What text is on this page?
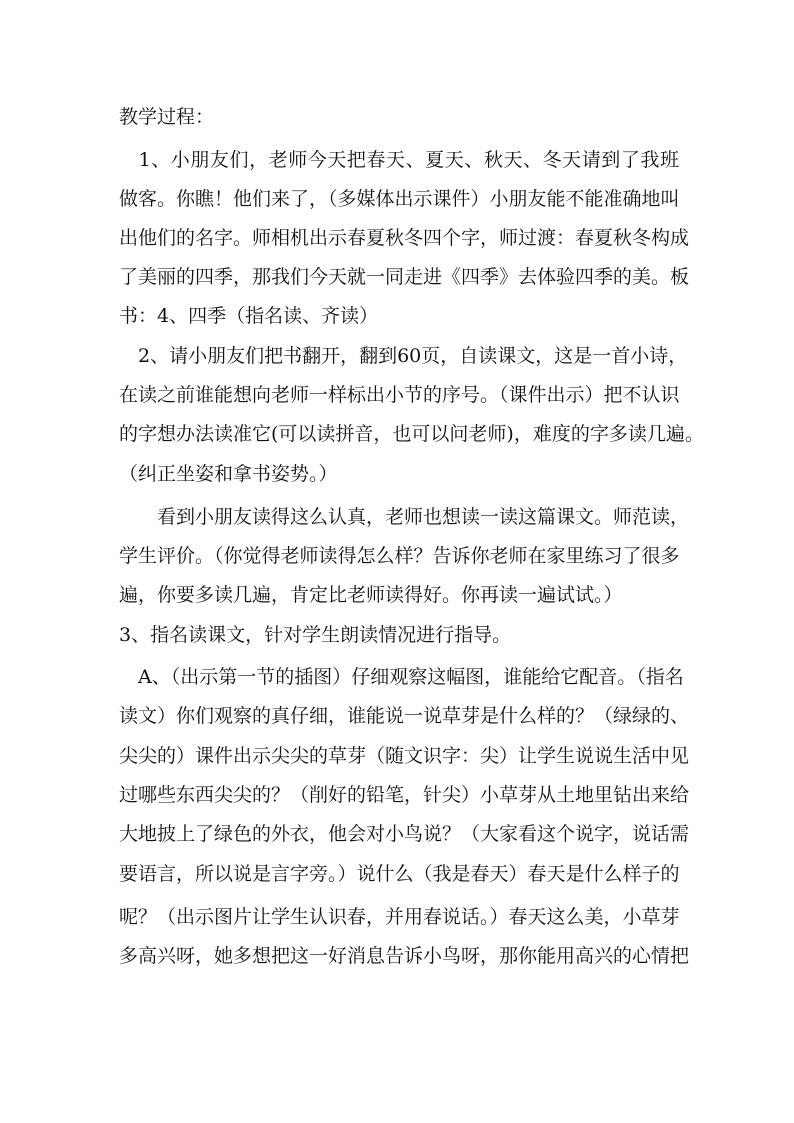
教学过程：
　1、小朋友们，老师今天把春天、夏天、秋天、冬天请到了我班
做客。你瞧！他们来了，（多媒体出示课件）小朋友能不能准确地叫
出他们的名字。师相机出示春夏秋冬四个字，师过渡：春夏秋冬构成
了美丽的四季，那我们今天就一同走进《四季》去体验四季的美。板
书：4、四季（指名读、齐读）
　2、请小朋友们把书翻开，翻到60页，自读课文，这是一首小诗，
在读之前谁能想向老师一样标出小节的序号。（课件出示）把不认识
的字想办法读准它(可以读拼音，也可以问老师)，难度的字多读几遍。
（纠正坐姿和拿书姿势。）
　　看到小朋友读得这么认真，老师也想读一读这篇课文。师范读，
学生评价。（你觉得老师读得怎么样？告诉你老师在家里练习了很多
遍，你要多读几遍，肯定比老师读得好。你再读一遍试试。）
3、指名读课文，针对学生朗读情况进行指导。
　A、（出示第一节的插图）仔细观察这幅图，谁能给它配音。（指名
读文）你们观察的真仔细，谁能说一说草芽是什么样的？（绿绿的、
尖尖的）课件出示尖尖的草芽（随文识字：尖）让学生说说生活中见
过哪些东西尖尖的？（削好的铅笔，针尖）小草芽从土地里钻出来给
大地披上了绿色的外衣，他会对小鸟说？（大家看这个说字，说话需
要语言，所以说是言字旁。）说什么（我是春天）春天是什么样子的
呢？（出示图片让学生认识春，并用春说话。）春天这么美，小草芽
多高兴呀，她多想把这一好消息告诉小鸟呀，那你能用高兴的心情把
